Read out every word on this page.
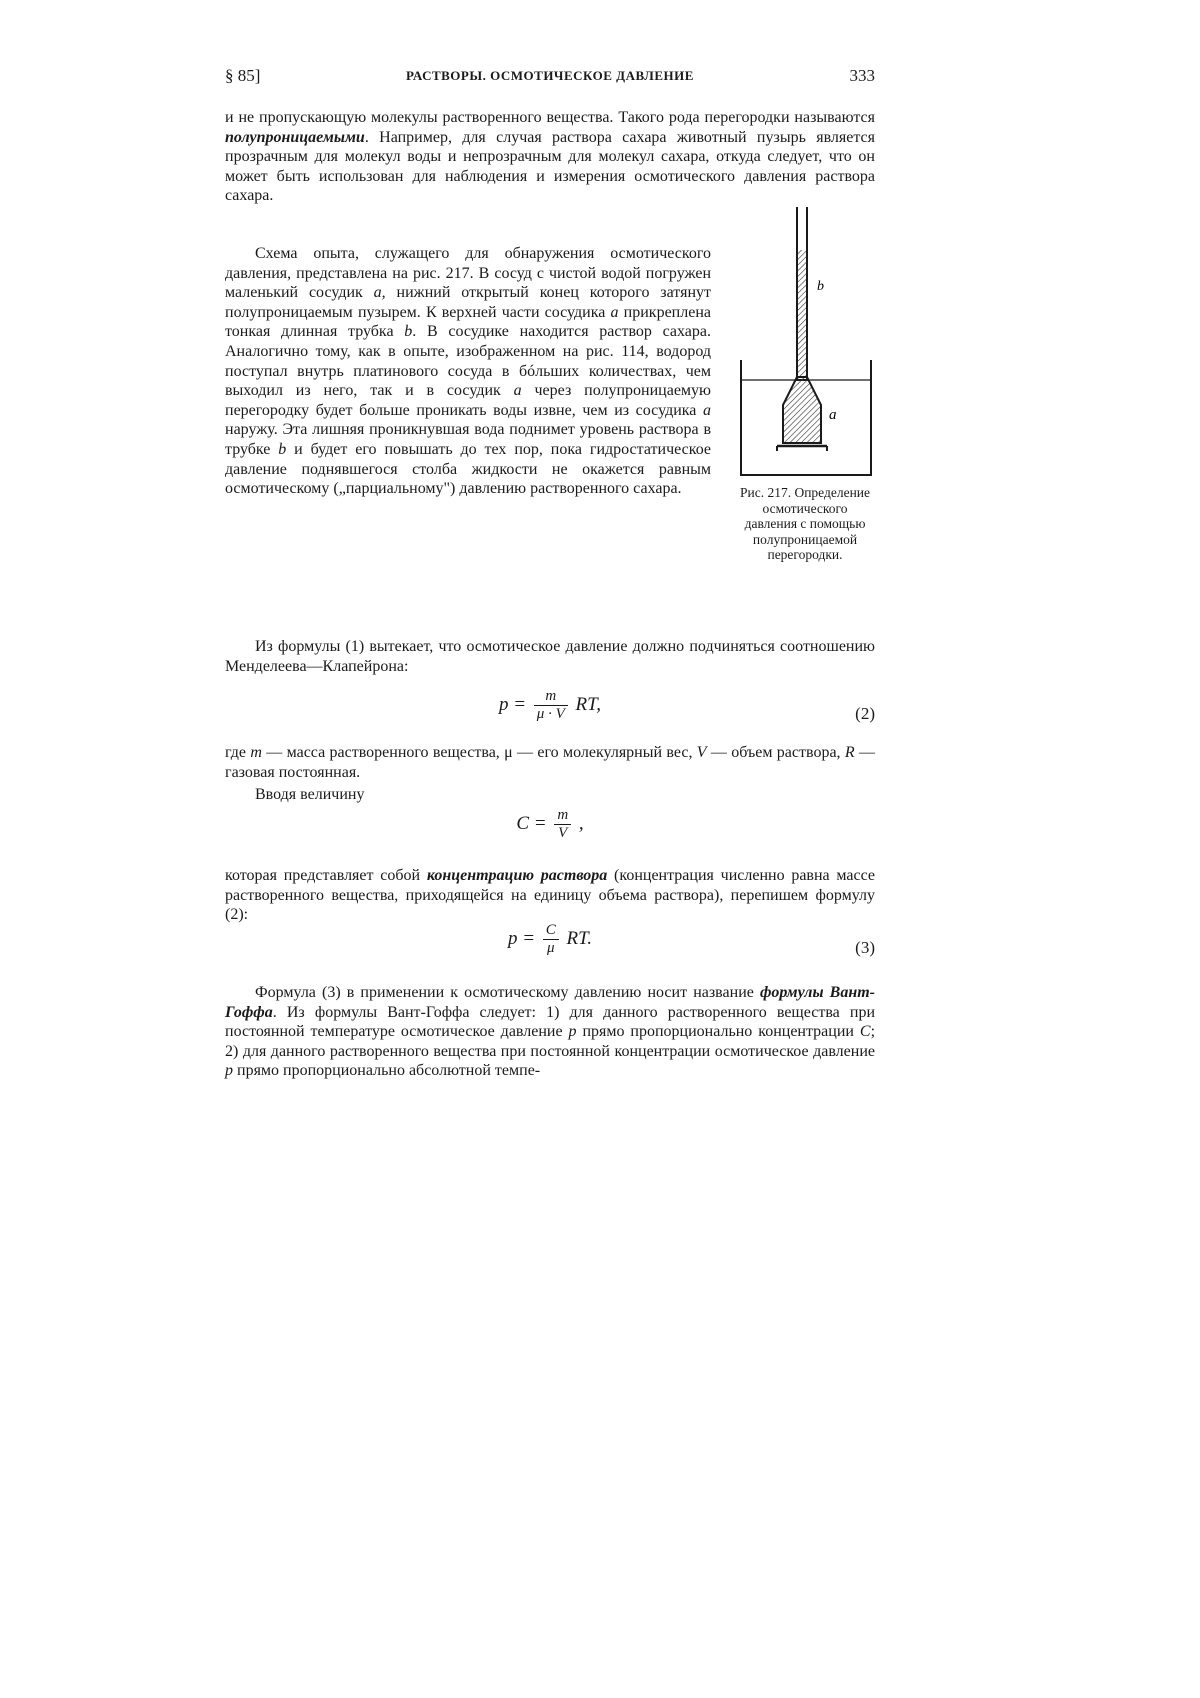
§ 85]	РАСТВОРЫ. ОСМОТИЧЕСКОЕ ДАВЛЕНИЕ	333
и не пропускающую молекулы растворенного вещества. Такого рода перегородки называются полупроницаемыми. Например, для случая раствора сахара животный пузырь является прозрачным для молекул воды и непрозрачным для молекул сахара, откуда следует, что он может быть использован для наблюдения и измерения осмотического давления раствора сахара.
Схема опыта, служащего для обнаружения осмотического давления, представлена на рис. 217. В сосуд с чистой водой погружен маленький сосудик a, нижний открытый конец которого затянут полупроницаемым пузырем. К верхней части сосудика a прикреплена тонкая длинная трубка b. В сосудике находится раствор сахара. Аналогично тому, как в опыте, изображенном на рис. 114, водород поступал внутрь платинового сосуда в бóльших количествах, чем выходил из него, так и в сосудик a через полупроницаемую перегородку будет больше проникать воды извне, чем из сосудика a наружу. Эта лишняя проникнувшая вода поднимет уровень раствора в трубке b и будет его повышать до тех пор, пока гидростатическое давление поднявшегося столба жидкости не окажется равным осмотическому („парциальному") давлению растворенного сахара.
b
a
Рис. 217. Определение осмотического давления с помощью полупроницаемой перегородки.
Из формулы (1) вытекает, что осмотическое давление должно подчиняться соотношению Менделеева—Клапейрона:
$p = \frac{m}{\mu \cdot V}$ RT,	(2)
где m — масса растворенного вещества, μ — его молекулярный вес, V — объем раствора, R — газовая постоянная.
Вводя величину
$C = \frac{m}{V}$ ,
которая представляет собой концентрацию раствора (концентрация численно равна массе растворенного вещества, приходящейся на единицу объема раствора), перепишем формулу (2):
$p = \frac{C}{\mu}$ RT.	(3)
Формула (3) в применении к осмотическому давлению носит название формулы Вант-Гоффа. Из формулы Вант-Гоффа следует: 1) для данного растворенного вещества при постоянной температуре осмотическое давление p прямо пропорционально концентрации C; 2) для данного растворенного вещества при постоянной концентрации осмотическое давление p прямо пропорционально абсолютной темпе-
